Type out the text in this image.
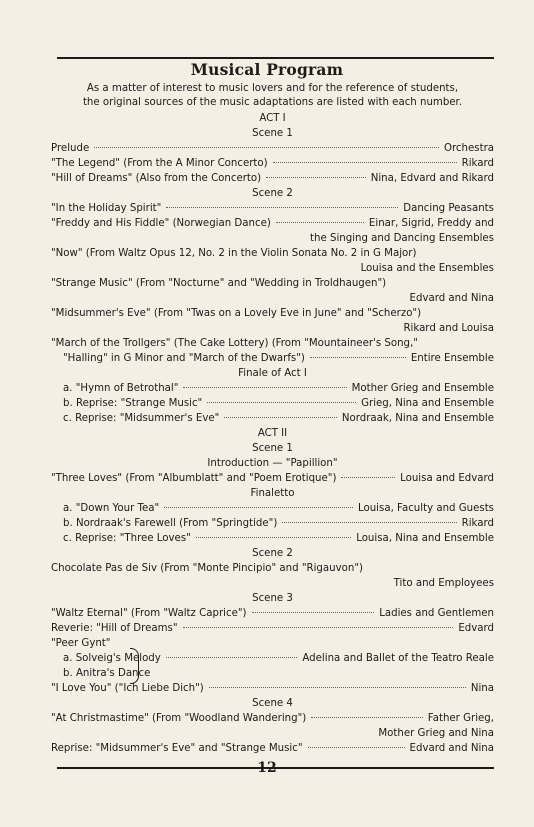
Musical Program
As a matter of interest to music lovers and for the reference of students,
the original sources of the music adaptations are listed with each number.
ACT I
Scene 1
Prelude	Orchestra
"The Legend" (From the A Minor Concerto)	Rikard
"Hill of Dreams" (Also from the Concerto)	Nina, Edvard and Rikard
Scene 2
"In the Holiday Spirit"	Dancing Peasants
"Freddy and His Fiddle" (Norwegian Dance)	Einar, Sigrid, Freddy and
the Singing and Dancing Ensembles
"Now" (From Waltz Opus 12, No. 2 in the Violin Sonata No. 2 in G Major)
Louisa and the Ensembles
"Strange Music" (From "Nocturne" and "Wedding in Troldhaugen")
Edvard and Nina
"Midsummer's Eve" (From "Twas on a Lovely Eve in June" and "Scherzo")
Rikard and Louisa
"March of the Trollgers" (The Cake Lottery) (From "Mountaineer's Song,"
"Halling" in G Minor and "March of the Dwarfs")	Entire Ensemble
Finale of Act I
a. "Hymn of Betrothal"	Mother Grieg and Ensemble
b. Reprise: "Strange Music"	Grieg, Nina and Ensemble
c. Reprise: "Midsummer's Eve"	Nordraak, Nina and Ensemble
ACT II
Scene 1
Introduction — "Papillion"
"Three Loves" (From "Albumblatt" and "Poem Erotique")	Louisa and Edvard
Finaletto
a. "Down Your Tea"	Louisa, Faculty and Guests
b. Nordraak's Farewell (From "Springtide")	Rikard
c. Reprise: "Three Loves"	Louisa, Nina and Ensemble
Scene 2
Chocolate Pas de Siv (From "Monte Pincipio" and "Rigauvon")
Tito and Employees
Scene 3
"Waltz Eternal" (From "Waltz Caprice")	Ladies and Gentlemen
Reverie: "Hill of Dreams"	Edvard
"Peer Gynt"
a. Solveig's Melody	Adelina and Ballet of the Teatro Reale
b. Anitra's Dance
"I Love You" ("Ich Liebe Dich")	Nina
Scene 4
"At Christmastime" (From "Woodland Wandering")	Father Grieg,
Mother Grieg and Nina
Reprise: "Midsummer's Eve" and "Strange Music"	Edvard and Nina
12
